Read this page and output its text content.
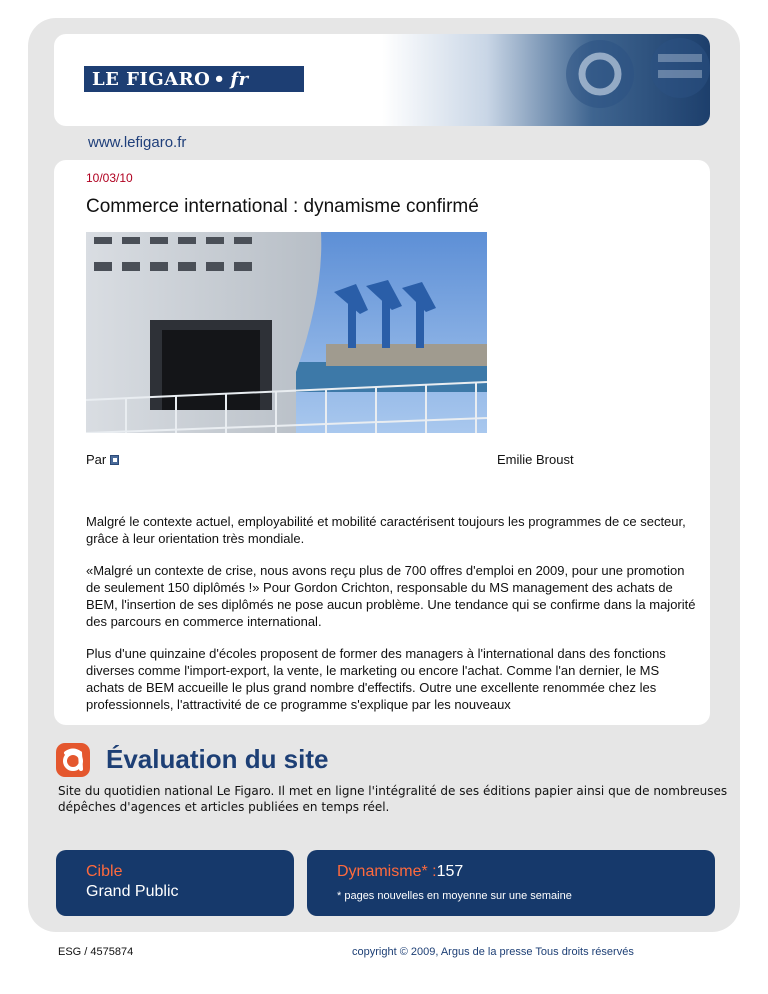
LE FIGARO • fr
www.lefigaro.fr
10/03/10
Commerce international : dynamisme confirmé
Par	Emilie Broust

Malgré le contexte actuel, employabilité et mobilité caractérisent toujours les programmes de ce secteur, grâce à leur orientation très mondiale.

«Malgré un contexte de crise, nous avons reçu plus de 700 offres d'emploi en 2009, pour une promotion de seulement 150 diplômés !» Pour Gordon Crichton, responsable du MS management des achats de BEM, l'insertion de ses diplômés ne pose aucun problème. Une tendance qui se confirme dans la majorité des parcours en commerce international.

Plus d'une quinzaine d'écoles proposent de former des managers à l'international dans des fonctions diverses comme l'import-export, la vente, le marketing ou encore l'achat. Comme l'an dernier, le MS achats de BEM accueille le plus grand nombre d'effectifs. Outre une excellente renommée chez les professionnels, l'attractivité de ce programme s'explique par les nouveaux

Évaluation du site
Site du quotidien national Le Figaro. Il met en ligne l'intégralité de ses éditions papier ainsi que de nombreuses dépêches d'agences et articles publiées en temps réel.
Cible
Grand Public
Dynamisme* : 157
* pages nouvelles en moyenne sur une semaine
ESG / 4575874	copyright © 2009, Argus de la presse Tous droits réservés
